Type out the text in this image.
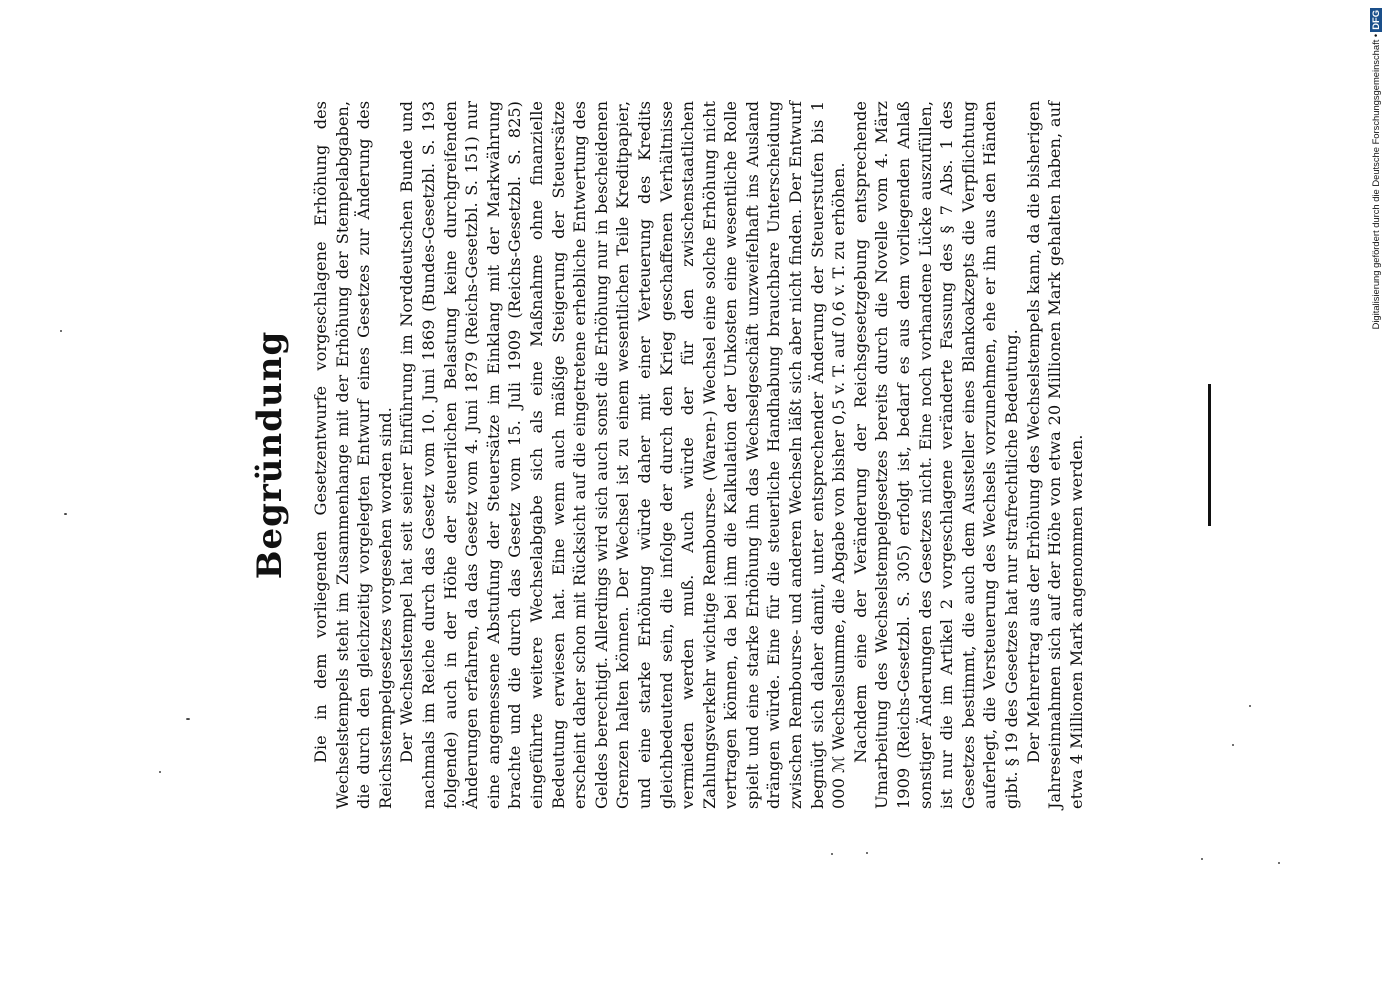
Begründung	Die in dem vorliegenden Gesetzentwurfe vorgeschlagene Erhöhung des Wechselstempels steht im Zusammenhange mit der Erhöhung der Stempelabgaben, die durch den gleichzeitig vorgelegten Entwurf eines Gesetzes zur Änderung des Reichsstempelgesetzes vorgesehen worden sind. Der Wechselstempel hat seit seiner Einführung im Norddeutschen Bunde und nachmals im Reiche durch das Gesetz vom 10. Juni 1869 (Bundes-Gesetzbl. S. 193 folgende) auch in der Höhe der steuerlichen Belastung keine durchgreifenden Änderungen erfahren, da das Gesetz vom 4. Juni 1879 (Reichs-Gesetzbl. S. 151) nur eine angemessene Abstufung der Steuersätze im Einklang mit der Markwährung brachte und die durch das Gesetz vom 15. Juli 1909 (Reichs-Gesetzbl. S. 825) eingeführte weitere Wechselabgabe sich als eine Maßnahme ohne finanzielle Bedeutung erwiesen hat. Eine wenn auch mäßige Steigerung der Steuersätze erscheint daher schon mit Rücksicht auf die eingetretene erhebliche Entwertung des Geldes berechtigt. Allerdings wird sich auch sonst die Erhöhung nur in bescheidenen Grenzen halten können. Der Wechsel ist zu einem wesentlichen Teile Kreditpapier, und eine starke Erhöhung würde daher mit einer Verteuerung des Kredits gleichbedeutend sein, die infolge der durch den Krieg geschaffenen Verhältnisse vermieden werden muß. Auch würde der für den zwischenstaatlichen Zahlungsverkehr wichtige Rembourse- (Waren-) Wechsel eine solche Erhöhung nicht vertragen können, da bei ihm die Kalkulation der Unkosten eine wesentliche Rolle spielt und eine starke Erhöhung ihn das Wechselgeschäft unzweifelhaft ins Ausland drängen würde. Eine für die steuerliche Handhabung brauchbare Unterscheidung zwischen Rembourse- und anderen Wechseln läßt sich aber nicht finden. Der Entwurf begnügt sich daher damit, unter entsprechender Änderung der Steuerstufen bis 1 000 ℳ Wechselsumme, die Abgabe von bisher 0,5 v. T. auf 0,6 v. T. zu erhöhen. Nachdem eine der Veränderung der Reichsgesetzgebung entsprechende Umarbeitung des Wechselstempelgesetzes bereits durch die Novelle vom 4. März 1909 (Reichs-Gesetzbl. S. 305) erfolgt ist, bedarf es aus dem vorliegenden Anlaß sonstiger Änderungen des Gesetzes nicht. Eine noch vorhandene Lücke auszufüllen, ist nur die im Artikel 2 vorgeschlagene veränderte Fassung des § 7 Abs. 1 des Gesetzes bestimmt, die auch dem Aussteller eines Blankoakzepts die Verpflichtung auferlegt, die Versteuerung des Wechsels vorzunehmen, ehe er ihn aus den Händen gibt. § 19 des Gesetzes hat nur strafrechtliche Bedeutung. Der Mehrertrag aus der Erhöhung des Wechselstempels kann, da die bisherigen Jahreseinnahmen sich auf der Höhe von etwa 20 Millionen Mark gehalten haben, auf etwa 4 Millionen Mark angenommen werden.

Digitalisierung gefördert durch die Deutsche Forschungsgemeinschaft •DFG
